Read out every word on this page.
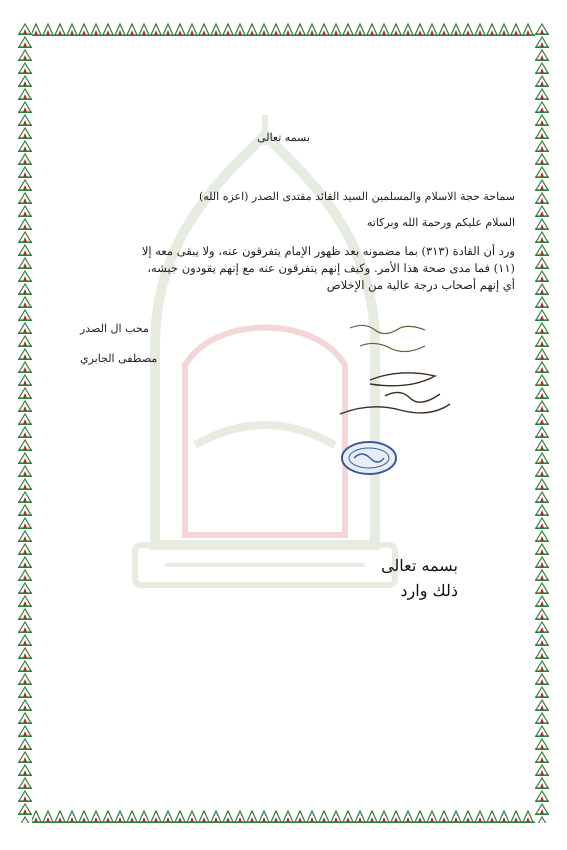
بسمه تعالى
سماحة حجة الاسلام والمسلمين السيد القائد مقتدى الصدر (اعزه الله)
السلام عليكم ورحمة الله وبركاته
ورد أن القادة (٣١٣) بما مضمونه بعد ظهور الإمام يتفرقون عنه، ولا يبقى معه إلا
(١١) فما مدى صحة هذا الأمر. وكيف إنهم يتفرقون عنه مع إنهم يقودون جيشه،
أي إنهم أصحاب درجة عالية من الإخلاص
محب ال الصدر
مصطفى الجابري
بسمه تعالى
ذلك وارد
